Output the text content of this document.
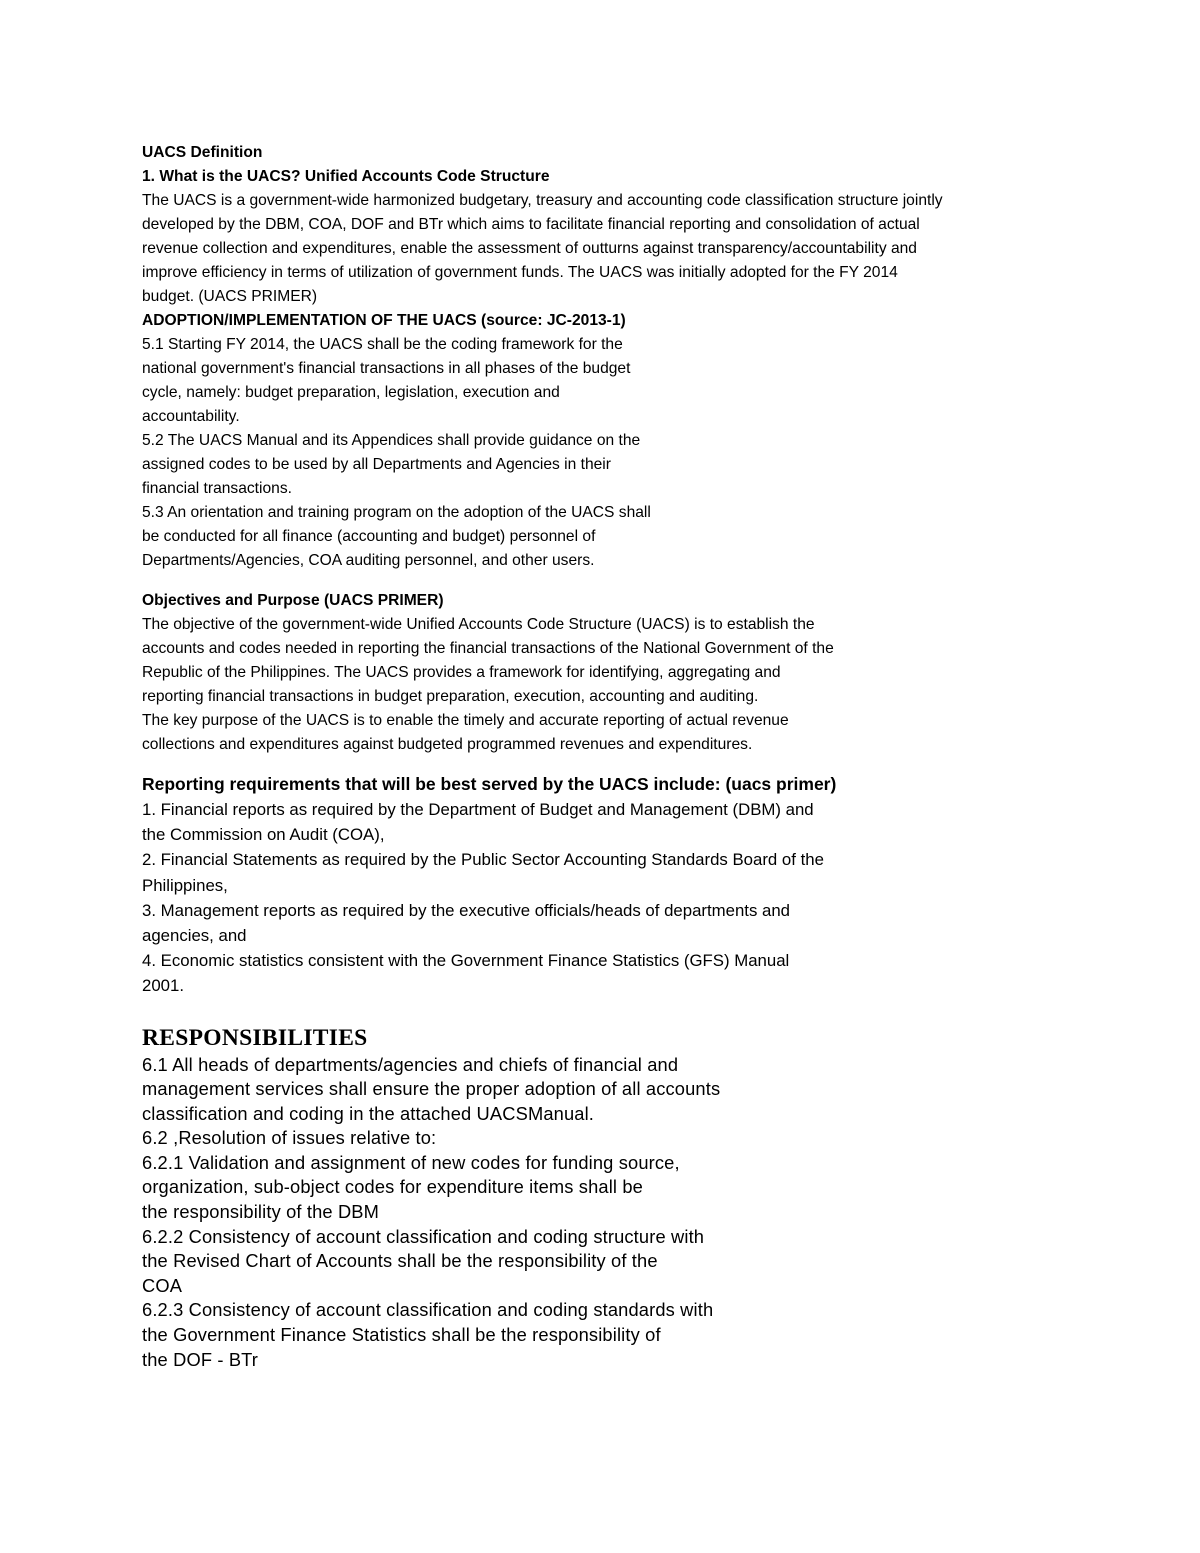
UACS Definition
1. What is the UACS? Unified Accounts Code Structure
The UACS is a government-wide harmonized budgetary, treasury and accounting code classification structure jointly
developed by the DBM, COA, DOF and BTr which aims to facilitate financial reporting and consolidation of actual
revenue collection and expenditures, enable the assessment of outturns against transparency/accountability and
improve efficiency in terms of utilization of government funds. The UACS was initially adopted for the FY 2014
budget. (UACS PRIMER)
ADOPTION/IMPLEMENTATION OF THE UACS (source: JC-2013-1)
5.1 Starting FY 2014, the UACS shall be the coding framework for the
national government's financial transactions in all phases of the budget
cycle, namely: budget preparation, legislation, execution and
accountability.
5.2 The UACS Manual and its Appendices shall provide guidance on the
assigned codes to be used by all Departments and Agencies in their
financial transactions.
5.3 An orientation and training program on the adoption of the UACS shall
be conducted for all finance (accounting and budget) personnel of
Departments/Agencies, COA auditing personnel, and other users.
Objectives and Purpose (UACS PRIMER)
The objective of the government-wide Unified Accounts Code Structure (UACS) is to establish the
accounts and codes needed in reporting the financial transactions of the National Government of the
Republic of the Philippines. The UACS provides a framework for identifying, aggregating and
reporting financial transactions in budget preparation, execution, accounting and auditing.
The key purpose of the UACS is to enable the timely and accurate reporting of actual revenue
collections and expenditures against budgeted programmed revenues and expenditures.
Reporting requirements that will be best served by the UACS include: (uacs primer)
1. Financial reports as required by the Department of Budget and Management (DBM) and
the Commission on Audit (COA),
2. Financial Statements as required by the Public Sector Accounting Standards Board of the
Philippines,
3. Management reports as required by the executive officials/heads of departments and
agencies, and
4. Economic statistics consistent with the Government Finance Statistics (GFS) Manual
2001.
RESPONSIBILITIES
6.1 All heads of departments/agencies and chiefs of financial and
management services shall ensure the proper adoption of all accounts
classification and coding in the attached UACSManual.
6.2 ,Resolution of issues relative to:
6.2.1 Validation and assignment of new codes for funding source,
organization, sub-object codes for expenditure items shall be
the responsibility of the DBM
6.2.2 Consistency of account classification and coding structure with
the Revised Chart of Accounts shall be the responsibility of the
COA
6.2.3 Consistency of account classification and coding standards with
the Government Finance Statistics shall be the responsibility of
the DOF - BTr
